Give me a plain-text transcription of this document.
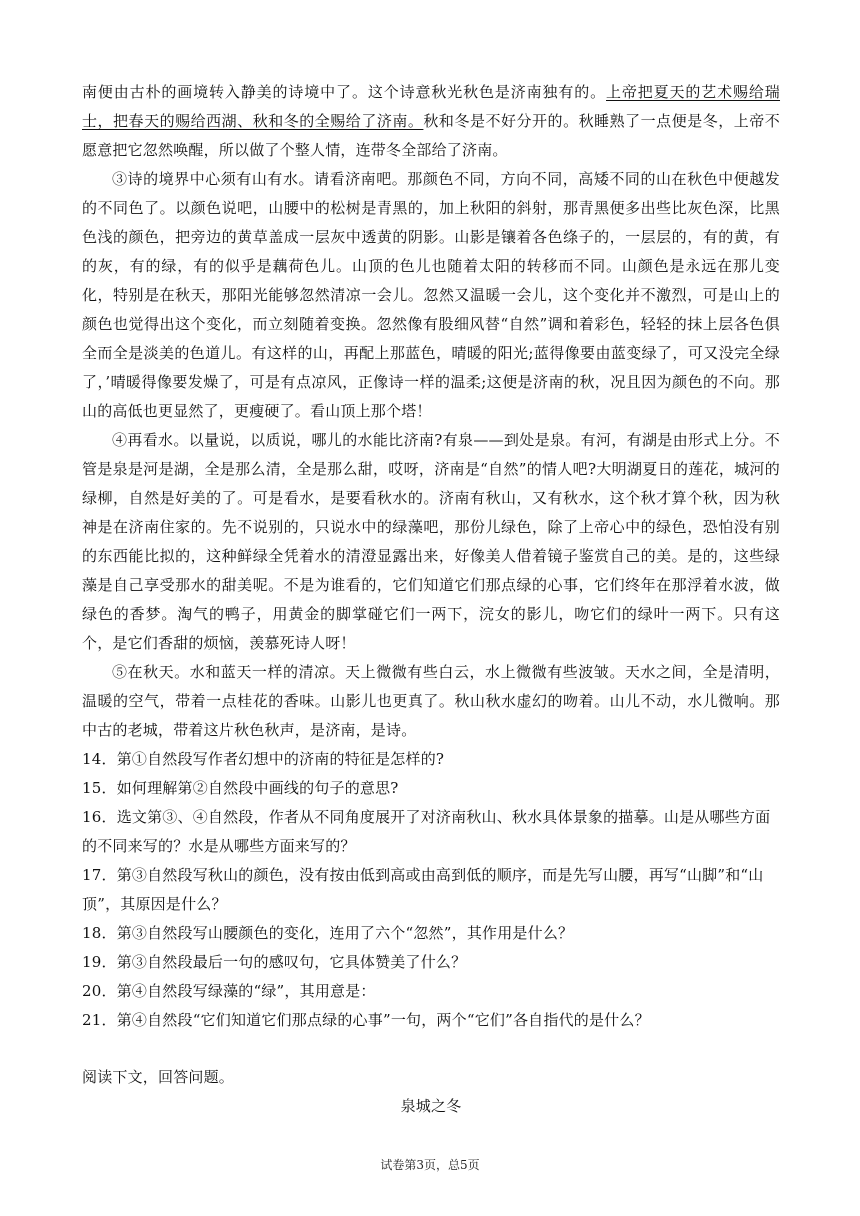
南便由古朴的画境转入静美的诗境中了。这个诗意秋光秋色是济南独有的。上帝把夏天的艺术赐给瑞士，把春天的赐给西湖、秋和冬的全赐给了济南。秋和冬是不好分开的。秋睡熟了一点便是冬，上帝不愿意把它忽然唤醒，所以做了个整人情，连带冬全部给了济南。

③诗的境界中心须有山有水。请看济南吧。那颜色不同，方向不同，高矮不同的山在秋色中便越发的不同色了。以颜色说吧，山腰中的松树是青黑的，加上秋阳的斜射，那青黑便多出些比灰色深，比黑色浅的颜色，把旁边的黄草盖成一层灰中透黄的阴影。山影是镶着各色绦子的，一层层的，有的黄，有的灰，有的绿，有的似乎是藕荷色儿。山顶的色儿也随着太阳的转移而不同。山颜色是永远在那儿变化，特别是在秋天，那阳光能够忽然清凉一会儿。忽然又温暖一会儿，这个变化并不激烈，可是山上的颜色也觉得出这个变化，而立刻随着变换。忽然像有股细风替“自然”调和着彩色，轻轻的抹上层各色俱全而全是淡美的色道儿。有这样的山，再配上那蓝色，晴暖的阳光;蓝得像要由蓝变绿了，可又没完全绿了，’晴暖得像要发燥了，可是有点凉风，正像诗一样的温柔;这便是济南的秋，况且因为颜色的不向。那山的高低也更显然了，更瘦硬了。看山顶上那个塔！

④再看水。以量说，以质说，哪儿的水能比济南?有泉——到处是泉。有河，有湖是由形式上分。不管是泉是河是湖，全是那么清，全是那么甜，哎呀，济南是“自然”的情人吧?大明湖夏日的莲花，城河的绿柳，自然是好美的了。可是看水，是要看秋水的。济南有秋山，又有秋水，这个秋才算个秋，因为秋神是在济南住家的。先不说别的，只说水中的绿藻吧，那份儿绿色，除了上帝心中的绿色，恐怕没有别的东西能比拟的，这种鲜绿全凭着水的清澄显露出来，好像美人借着镜子鉴赏自己的美。是的，这些绿藻是自己享受那水的甜美呢。不是为谁看的，它们知道它们那点绿的心事，它们终年在那浮着水波，做绿色的香梦。淘气的鸭子，用黄金的脚掌碰它们一两下，浣女的影儿，吻它们的绿叶一两下。只有这个，是它们香甜的烦恼，羡慕死诗人呀！

⑤在秋天。水和蓝天一样的清凉。天上微微有些白云，水上微微有些波皱。天水之间，全是清明，温暖的空气，带着一点桂花的香味。山影儿也更真了。秋山秋水虚幻的吻着。山儿不动，水儿微响。那中古的老城，带着这片秋色秋声，是济南，是诗。

14．第①自然段写作者幻想中的济南的特征是怎样的?

15．如何理解第②自然段中画线的句子的意思?

16．选文第③、④自然段，作者从不同角度展开了对济南秋山、秋水具体景象的描摹。山是从哪些方面的不同来写的？水是从哪些方面来写的？

17．第③自然段写秋山的颜色，没有按由低到高或由高到低的顺序，而是先写山腰，再写“山脚”和“山顶”，其原因是什么？

18．第③自然段写山腰颜色的变化，连用了六个“忽然”，其作用是什么？

19．第③自然段最后一句的感叹句，它具体赞美了什么？

20．第④自然段写绿藻的“绿”，其用意是：

21．第④自然段“它们知道它们那点绿的心事”一句，两个“它们”各自指代的是什么？

阅读下文，回答问题。

泉城之冬

试卷第3页，总5页
